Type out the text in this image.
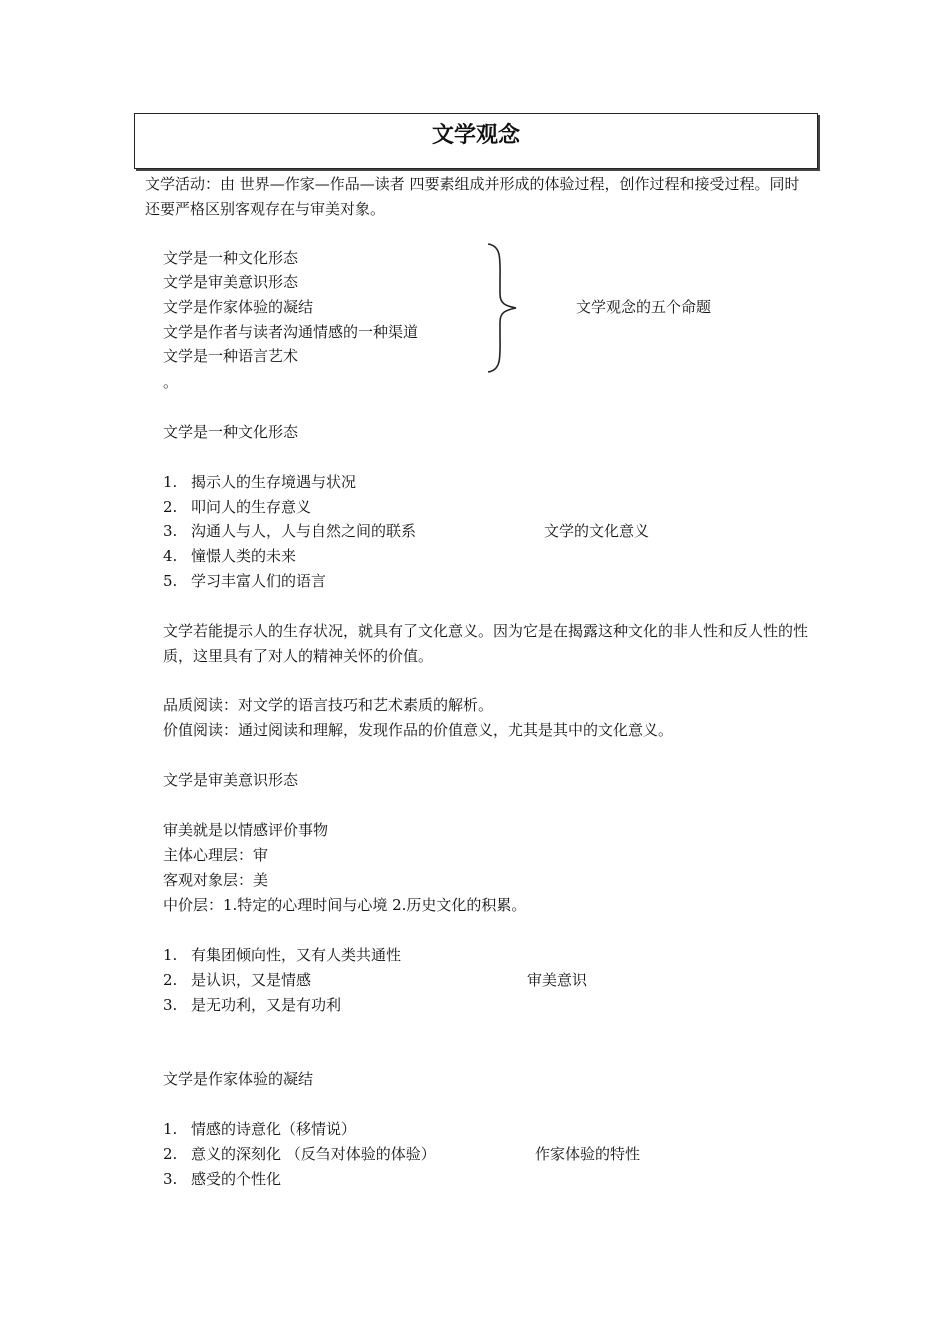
文学观念
文学活动：由 世界—作家—作品—读者 四要素组成并形成的体验过程，创作过程和接受过程。同时还要严格区别客观存在与审美对象。
文学是一种文化形态
文学是审美意识形态
文学是作家体验的凝结
文学是作者与读者沟通情感的一种渠道
文学是一种语言艺术
。
文学观念的五个命题
文学是一种文化形态
1. 揭示人的生存境遇与状况
2. 叩问人的生存意义
3. 沟通人与人，人与自然之间的联系
4. 憧憬人类的未来
5. 学习丰富人们的语言
文学的文化意义
文学若能提示人的生存状况，就具有了文化意义。因为它是在揭露这种文化的非人性和反人性的性质，这里具有了对人的精神关怀的价值。
品质阅读：对文学的语言技巧和艺术素质的解析。
价值阅读：通过阅读和理解，发现作品的价值意义，尤其是其中的文化意义。
文学是审美意识形态
审美就是以情感评价事物
主体心理层：审
客观对象层：美
中价层：1.特定的心理时间与心境 2.历史文化的积累。
1. 有集团倾向性，又有人类共通性
2. 是认识，又是情感
3. 是无功利，又是有功利
审美意识
文学是作家体验的凝结
1. 情感的诗意化（移情说）
2. 意义的深刻化 （反刍对体验的体验）
3. 感受的个性化
作家体验的特性
